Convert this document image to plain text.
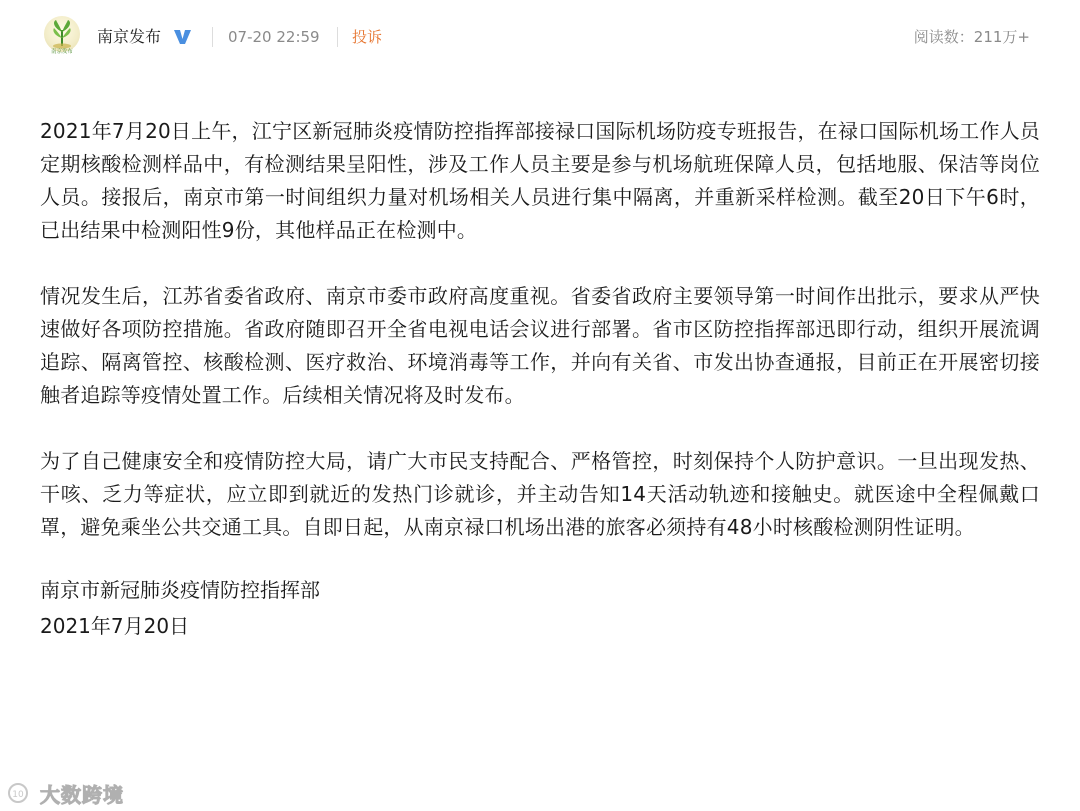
南京发布
南京发布	07-20 22:59 投诉	阅读数：211万+

2021年7月20日上午，江宁区新冠肺炎疫情防控指挥部接禄口国际机场防疫专班报告，在禄口国际机场工作人员定期核酸检测样品中，有检测结果呈阳性，涉及工作人员主要是参与机场航班保障人员，包括地服、保洁等岗位人员。接报后，南京市第一时间组织力量对机场相关人员进行集中隔离，并重新采样检测。截至20日下午6时，已出结果中检测阳性9份，其他样品正在检测中。

情况发生后，江苏省委省政府、南京市委市政府高度重视。省委省政府主要领导第一时间作出批示，要求从严快速做好各项防控措施。省政府随即召开全省电视电话会议进行部署。省市区防控指挥部迅即行动，组织开展流调追踪、隔离管控、核酸检测、医疗救治、环境消毒等工作，并向有关省、市发出协查通报，目前正在开展密切接触者追踪等疫情处置工作。后续相关情况将及时发布。

为了自己健康安全和疫情防控大局，请广大市民支持配合、严格管控，时刻保持个人防护意识。一旦出现发热、干咳、乏力等症状，应立即到就近的发热门诊就诊，并主动告知14天活动轨迹和接触史。就医途中全程佩戴口罩，避免乘坐公共交通工具。自即日起，从南京禄口机场出港的旅客必须持有48小时核酸检测阴性证明。

南京市新冠肺炎疫情防控指挥部

2021年7月20日

10 大数跨境
